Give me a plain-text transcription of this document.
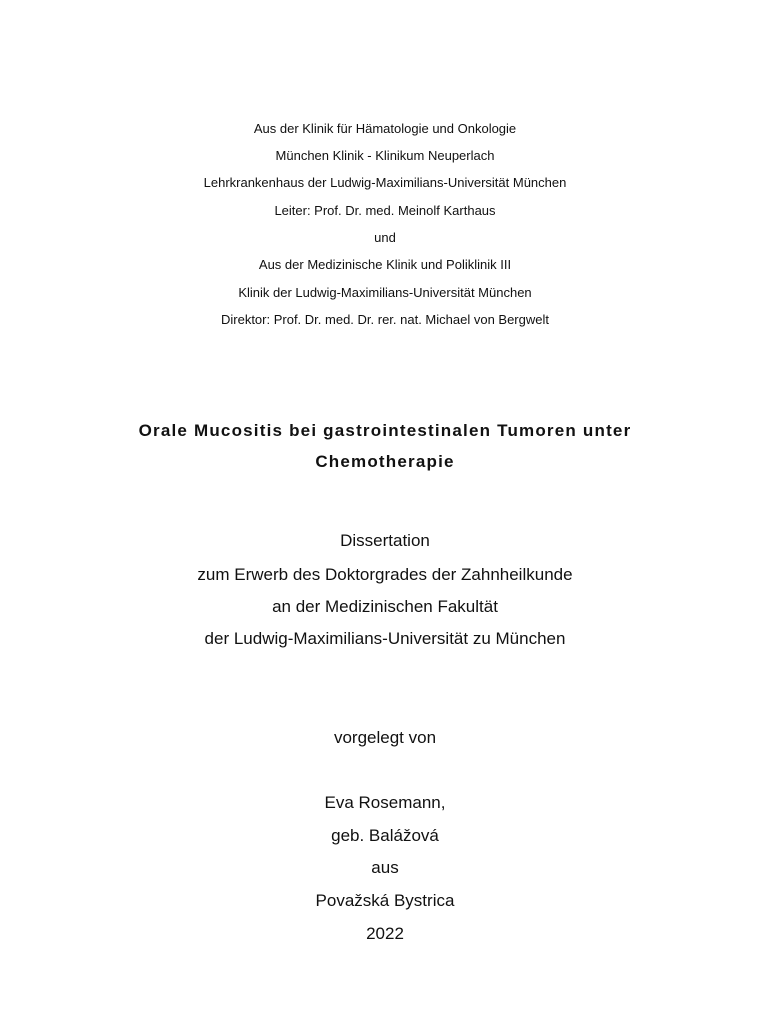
Aus der Klinik für Hämatologie und Onkologie
München Klinik - Klinikum Neuperlach
Lehrkrankenhaus der Ludwig-Maximilians-Universität München
Leiter: Prof. Dr. med. Meinolf Karthaus
und
Aus der Medizinische Klinik und Poliklinik III
Klinik der Ludwig-Maximilians-Universität München
Direktor: Prof. Dr. med. Dr. rer. nat. Michael von Bergwelt
Orale Mucositis bei gastrointestinalen Tumoren unter
Chemotherapie
Dissertation
zum Erwerb des Doktorgrades der Zahnheilkunde
an der Medizinischen Fakultät
der Ludwig-Maximilians-Universität zu München
vorgelegt von
Eva Rosemann,
geb. Balážová
aus
Považská Bystrica
2022
